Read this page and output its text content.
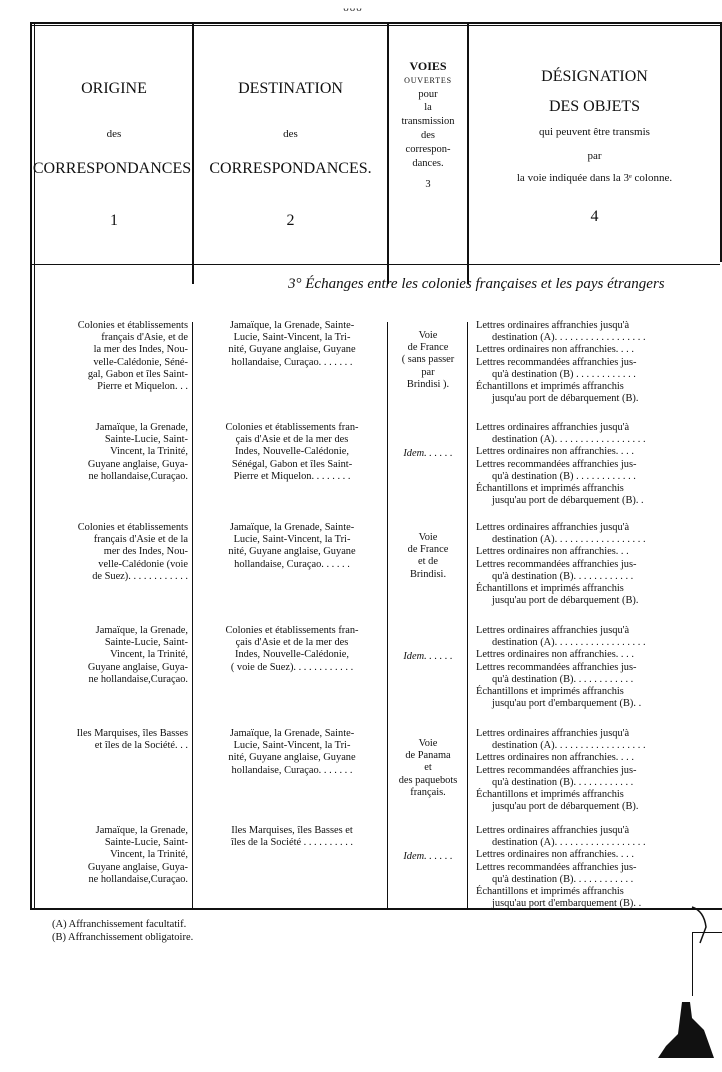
ᴗᴗᴗ
ORIGINE
des
CORRESPONDANCES.
1
DESTINATION
des
CORRESPONDANCES.
2
VOIES
OUVERTES
pour
la
transmission
des
correspon-
dances.
3
DÉSIGNATION
DES OBJETS
qui peuvent être transmis
par
la voie indiquée dans la 3ᵉ colonne.
4
3° Échanges entre les colonies françaises et les pays étrangers
Colonies et établissements
français d'Asie, et de
la mer des Indes, Nou-
velle-Calédonie, Séné-
gal, Gabon et îles Saint-
Pierre et Miquelon. . .
Jamaïque, la Grenade, Sainte-
Lucie, Saint-Vincent, la Tri-
nité, Guyane anglaise, Guyane
hollandaise, Curaçao. . . . . . .
Voie
de France
( sans passer
par
Brindisi ).
Lettres ordinaires affranchies jusqu'à
destination (A). . . . . . . . . . . . . . . . . .
Lettres ordinaires non affranchies. . . .
Lettres recommandées affranchies jus-
qu'à destination (B) . . . . . . . . . . . .
Échantillons et imprimés affranchis
jusqu'au port de débarquement (B).
Jamaïque, la Grenade,
Sainte-Lucie, Saint-
Vincent, la Trinité,
Guyane anglaise, Guya-
ne hollandaise,Curaçao.
Colonies et établissements fran-
çais d'Asie et de la mer des
Indes, Nouvelle-Calédonie,
Sénégal, Gabon et îles Saint-
Pierre et Miquelon. . . . . . . .
Idem. . . . . .
Lettres ordinaires affranchies jusqu'à
destination (A). . . . . . . . . . . . . . . . . .
Lettres ordinaires non affranchies. . . .
Lettres recommandées affranchies jus-
qu'à destination (B) . . . . . . . . . . . .
Échantillons et imprimés affranchis
jusqu'au port de débarquement (B). .
Colonies et établissements
français d'Asie et de la
mer des Indes, Nou-
velle-Calédonie (voie
de Suez). . . . . . . . . . . .
Jamaïque, la Grenade, Sainte-
Lucie, Saint-Vincent, la Tri-
nité, Guyane anglaise, Guyane
hollandaise, Curaçao. . . . . .
Voie
de France
et de
Brindisi.
Lettres ordinaires affranchies jusqu'à
destination (A). . . . . . . . . . . . . . . . . .
Lettres ordinaires non affranchies. . .
Lettres recommandées affranchies jus-
qu'à destination (B). . . . . . . . . . . .
Échantillons et imprimés affranchis
jusqu'au port de débarquement (B).
Jamaïque, la Grenade,
Sainte-Lucie, Saint-
Vincent, la Trinité,
Guyane anglaise, Guya-
ne hollandaise,Curaçao.
Colonies et établissements fran-
çais d'Asie et de la mer des
Indes, Nouvelle-Calédonie,
( voie de Suez). . . . . . . . . . . .
Idem. . . . . .
Lettres ordinaires affranchies jusqu'à
destination (A). . . . . . . . . . . . . . . . . .
Lettres ordinaires non affranchies. . . .
Lettres recommandées affranchies jus-
qu'à destination (B). . . . . . . . . . . .
Échantillons et imprimés affranchis
jusqu'au port d'embarquement (B). .
Iles Marquises, îles Basses
et îles de la Société. . .
Jamaïque, la Grenade, Sainte-
Lucie, Saint-Vincent, la Tri-
nité, Guyane anglaise, Guyane
hollandaise, Curaçao. . . . . . .
Voie
de Panama
et
des paquebots
français.
Lettres ordinaires affranchies jusqu'à
destination (A). . . . . . . . . . . . . . . . . .
Lettres ordinaires non affranchies. . . .
Lettres recommandées affranchies jus-
qu'à destination (B). . . . . . . . . . . .
Échantillons et imprimés affranchis
jusqu'au port de débarquement (B).
Jamaïque, la Grenade,
Sainte-Lucie, Saint-
Vincent, la Trinité,
Guyane anglaise, Guya-
ne hollandaise,Curaçao.
Iles Marquises, îles Basses et
îles de la Société . . . . . . . . . .
Idem. . . . . .
Lettres ordinaires affranchies jusqu'à
destination (A). . . . . . . . . . . . . . . . . .
Lettres ordinaires non affranchies. . . .
Lettres recommandées affranchies jus-
qu'à destination (B). . . . . . . . . . . .
Échantillons et imprimés affranchis
jusqu'au port d'embarquement (B). .
(A) Affranchissement facultatif.
(B) Affranchissement obligatoire.
